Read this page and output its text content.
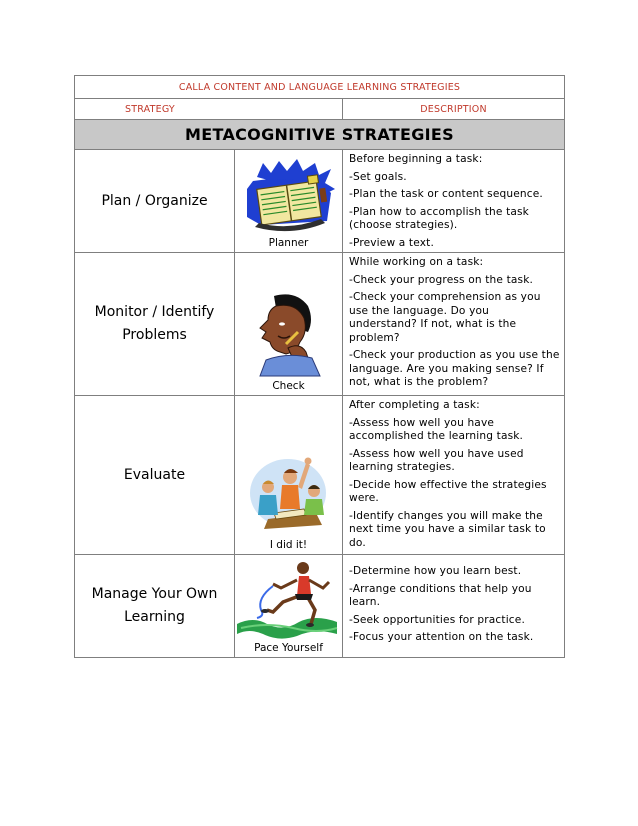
CALLA CONTENT AND LANGUAGE LEARNING STRATEGIES		
STRATEGY		DESCRIPTION
METACOGNITIVE STRATEGIES		
Plan / Organize	Planner	Before beginning a task:

-Set goals.

-Plan the task or content sequence.

-Plan how to accomplish the task (choose strategies).

-Preview a text.

Monitor / Identify Problems	Check	While working on a task:

-Check your progress on the task.

-Check your comprehension as you use the language. Do you understand? If not, what is the problem?

-Check your production as you use the language. Are you making sense? If not, what is the problem?

Evaluate	I did it!	After completing a task:

-Assess how well you have accomplished the learning task.

-Assess how well you have used learning strategies.

-Decide how effective the strategies were.

-Identify changes you will make the next time you have a similar task to do.

Manage Your Own Learning	Pace Yourself	-Determine how you learn best.

-Arrange conditions that help you learn.

-Seek opportunities for practice.

-Focus your attention on the task.
